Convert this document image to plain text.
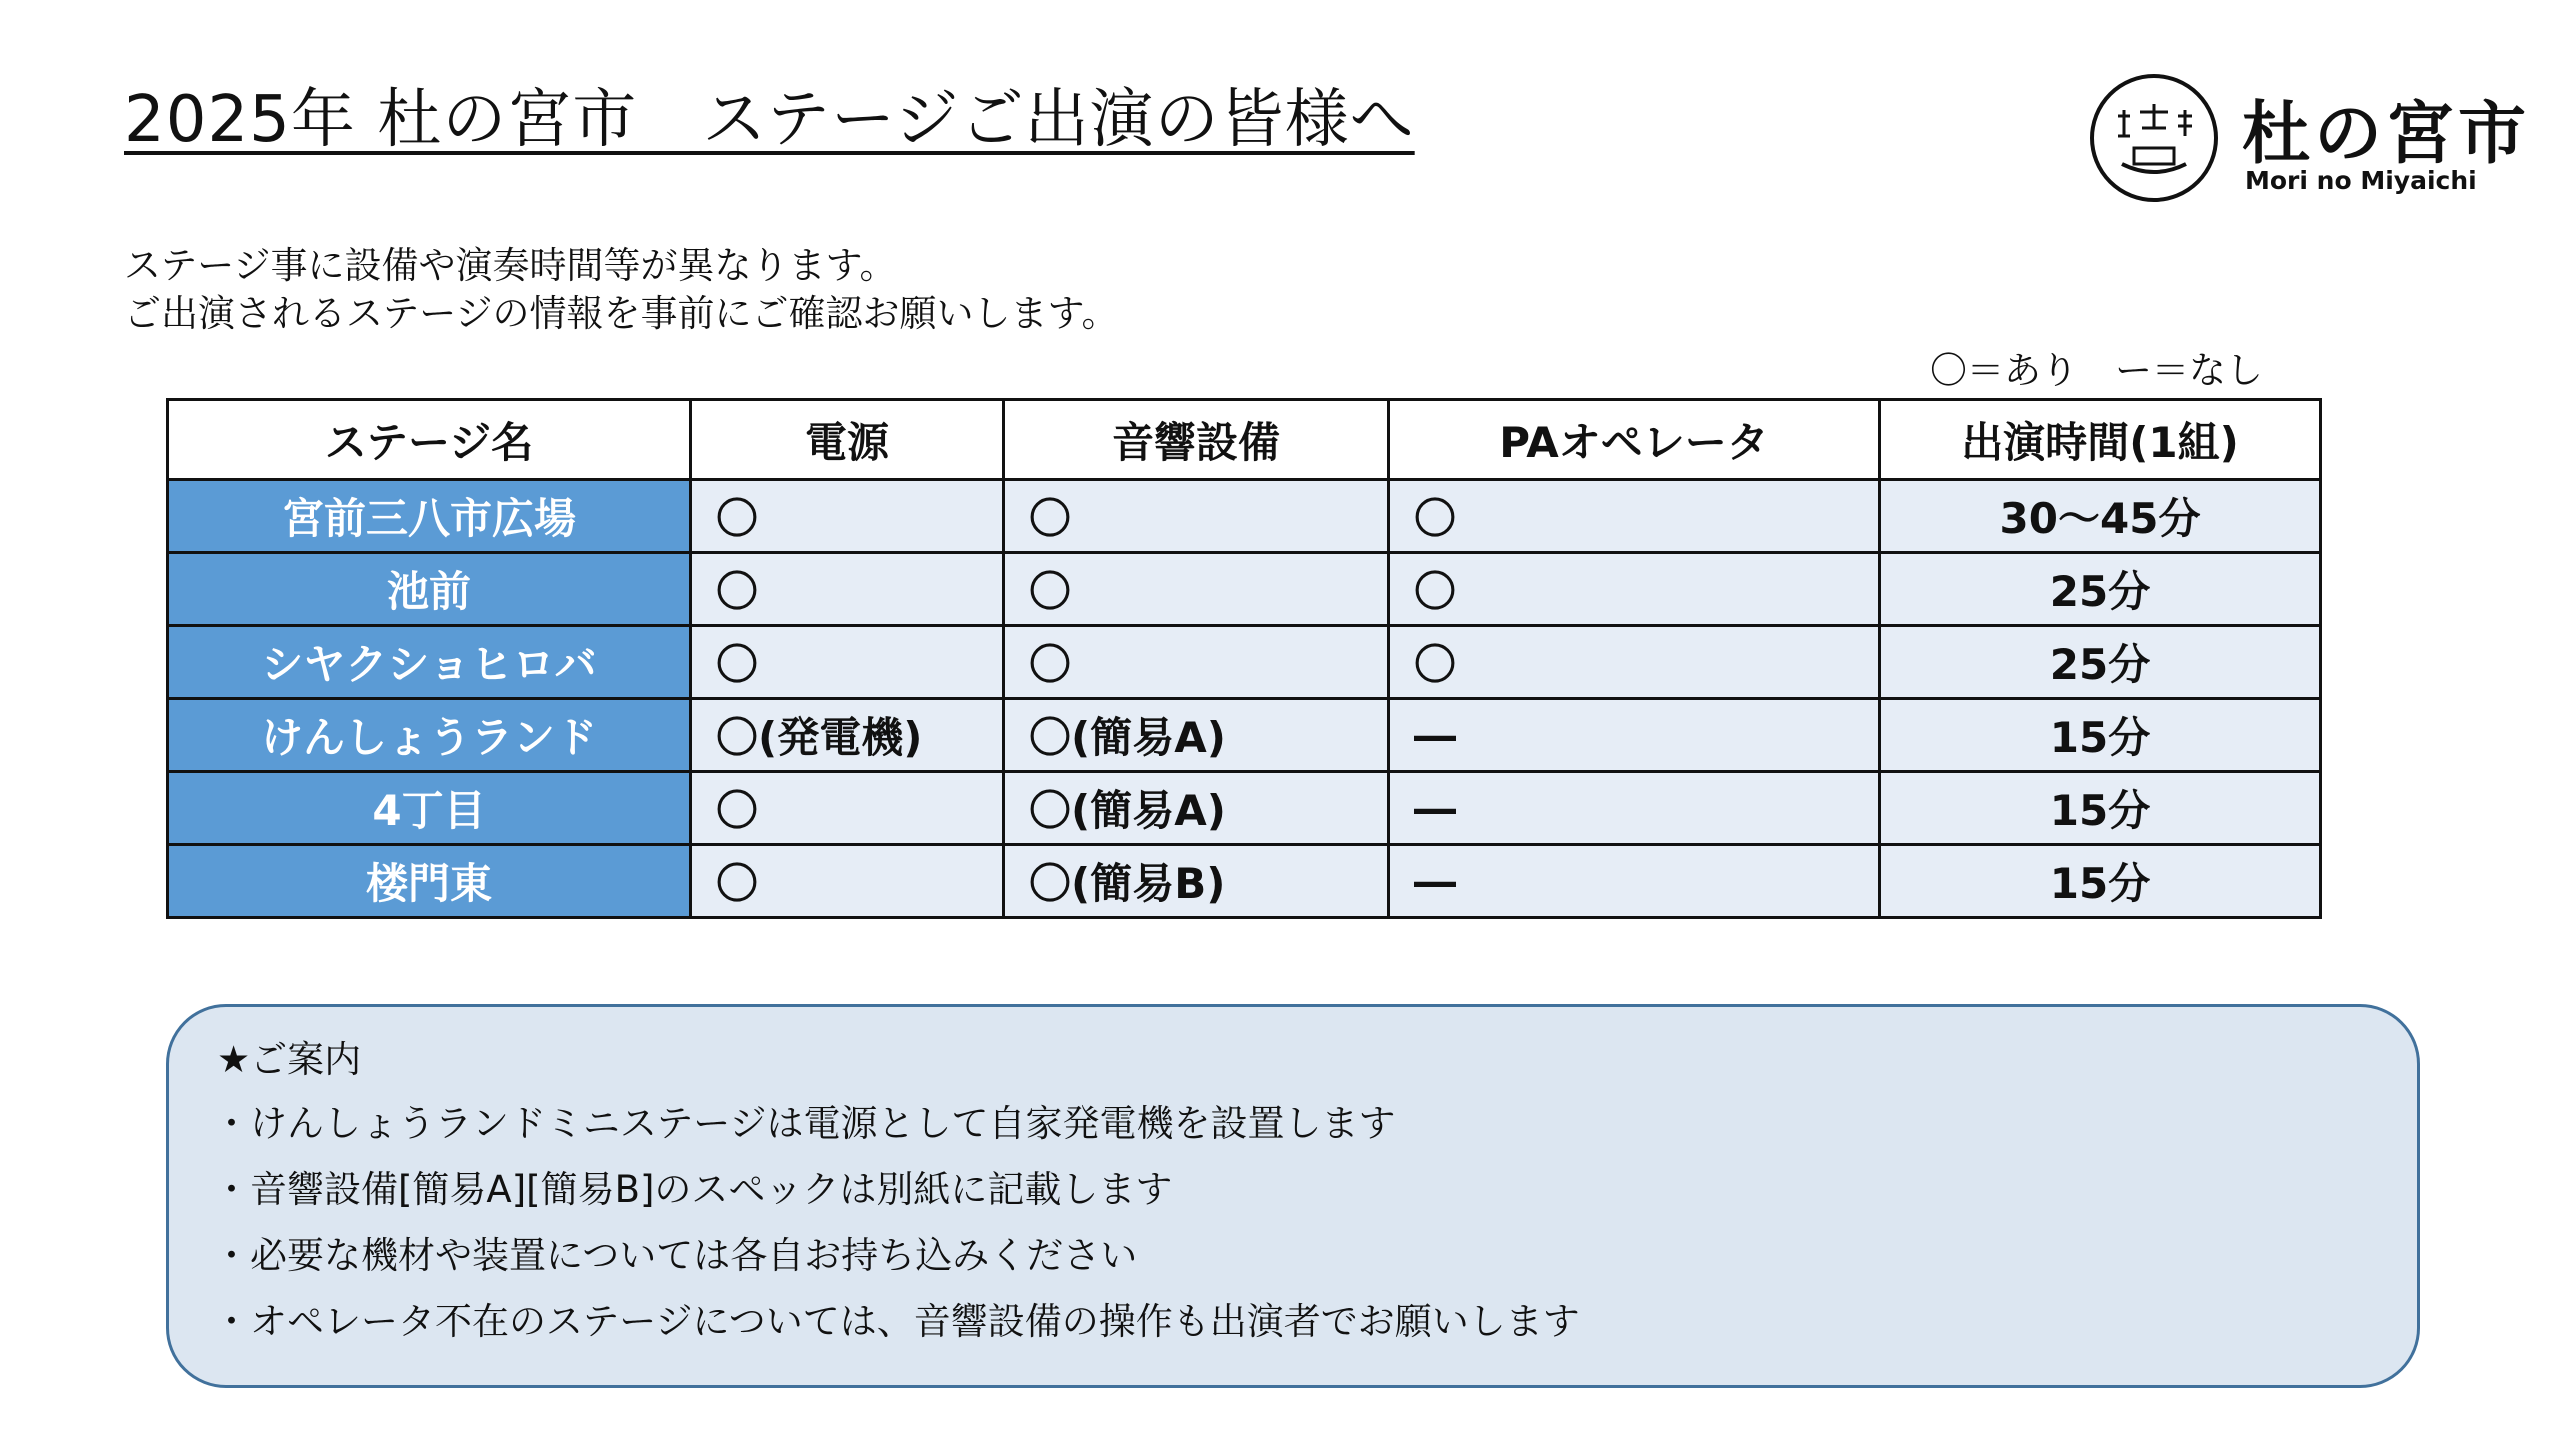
2025年 杜の宮市　ステージご出演の皆様へ	杜の宮市
Mori no Miyaichi
ステージ事に設備や演奏時間等が異なります。
ご出演されるステージの情報を事前にご確認お願いします。
〇＝あり　ー＝なし
ステージ名	電源	音響設備	PAオペレータ	出演時間(1組)
宮前三八市広場	〇	〇	〇	30～45分
池前	〇	〇	〇	25分
シヤクショヒロバ	〇	〇	〇	25分
けんしょうランド	〇(発電機)	〇(簡易A)	―	15分
4丁目	〇	〇(簡易A)	―	15分
楼門東	〇	〇(簡易B)	―	15分
★ご案内
・けんしょうランドミニステージは電源として自家発電機を設置します
・音響設備[簡易A][簡易B]のスペックは別紙に記載します
・必要な機材や装置については各自お持ち込みください
・オペレータ不在のステージについては、音響設備の操作も出演者でお願いします
